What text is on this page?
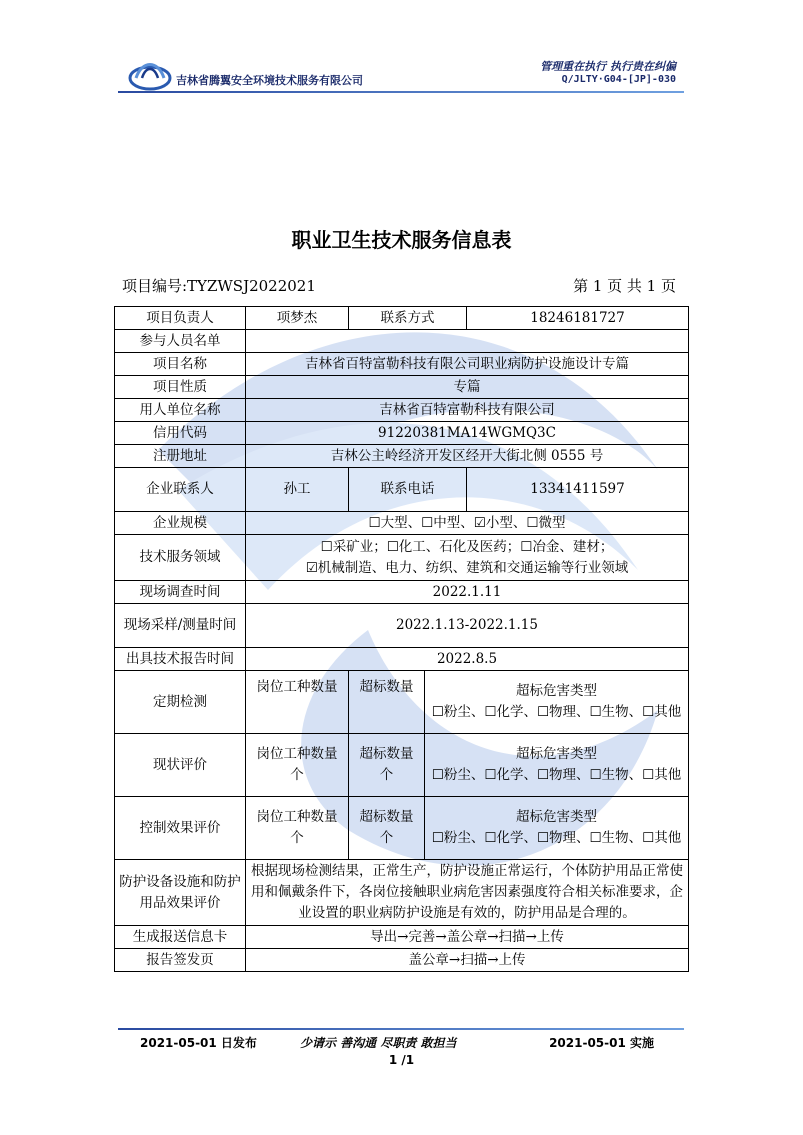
吉林省腾翼安全环境技术服务有限公司
管理重在执行 执行贵在纠偏
Q/JLTY·G04-[JP]-030
职业卫生技术服务信息表
项目编号:TYZWSJ2022021	第 1 页 共 1 页
项目负责人	项梦杰	联系方式		18246181727
参与人员名单				
项目名称	吉林省百特富勒科技有限公司职业病防护设施设计专篇			
项目性质	专篇			
用人单位名称	吉林省百特富勒科技有限公司			
信用代码	91220381MA14WGMQ3C			
注册地址	吉林公主岭经济开发区经开大街北侧 0555 号			
企业联系人	孙工	联系电话		13341411597
企业规模	☐大型、☐中型、☑小型、☐微型			
技术服务领域	☐采矿业；☐化工、石化及医药；☐冶金、建材；
☑机械制造、电力、纺织、建筑和交通运输等行业领域			

现场调查时间	2022.1.11			
现场采样/测量时间	2022.1.13-2022.1.15			
出具技术报告时间	2022.8.5			
定期检测	岗位工种数量	超标数量	超标危害类型
☐粉尘、☐化学、☐物理、☐生物、☐其他	

现状评价	岗位工种数量个	超标数量个	超标危害类型
☐粉尘、☐化学、☐物理、☐生物、☐其他	

控制效果评价	岗位工种数量个	超标数量个	超标危害类型
☐粉尘、☐化学、☐物理、☐生物、☐其他	

防护设备设施和防护用品效果评价	根据现场检测结果，正常生产，防护设施正常运行，个体防护用品正常使用和佩戴条件下，各岗位接触职业病危害因素强度符合相关标准要求，企业设置的职业病防护设施是有效的，防护用品是合理的。			
生成报送信息卡	导出→完善→盖公章→扫描→上传			
报告签发页	盖公章→扫描→上传			
2021-05-01 日发布	少请示 善沟通 尽职责 敢担当	2021-05-01 实施
1 /1
